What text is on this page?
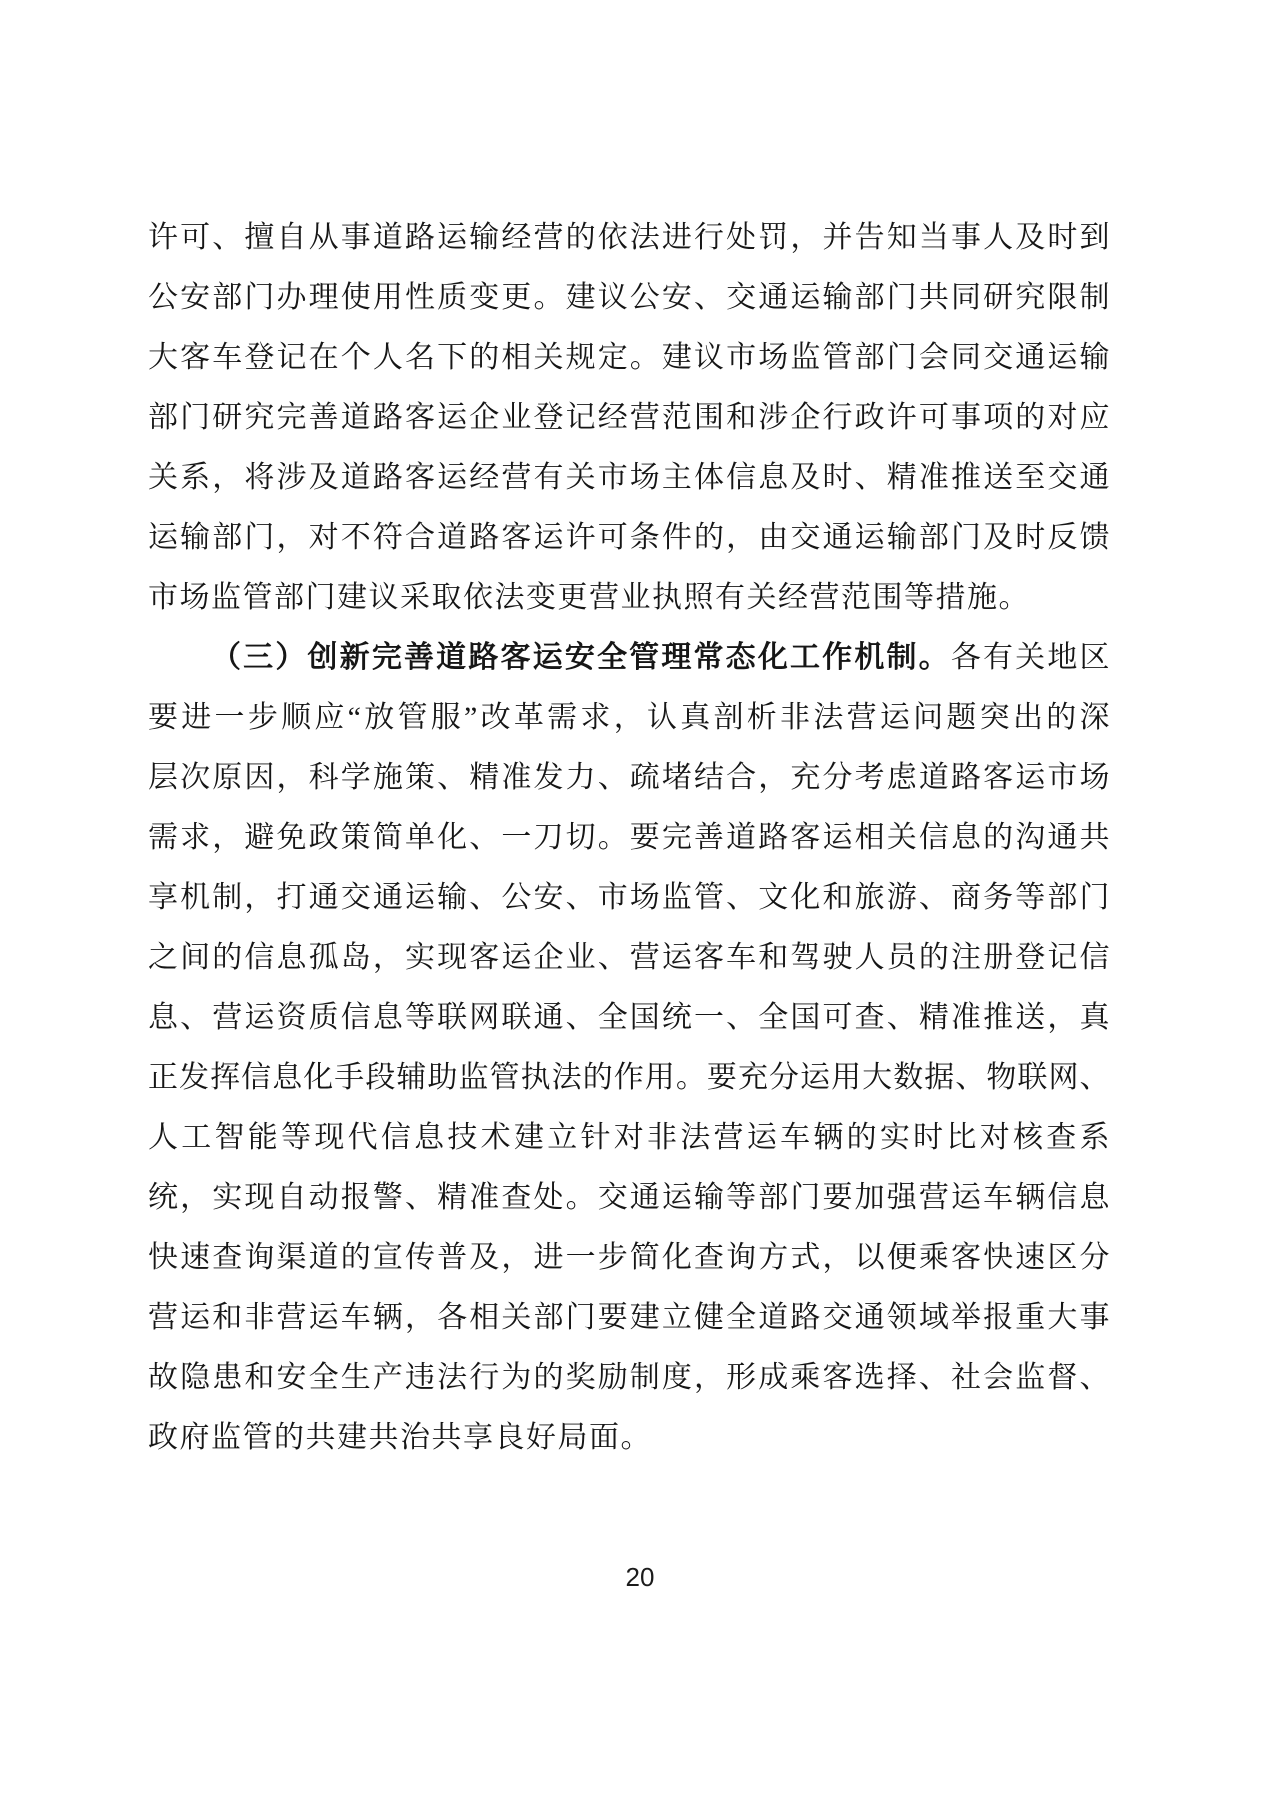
许可、擅自从事道路运输经营的依法进行处罚，并告知当事人及时到
公安部门办理使用性质变更。建议公安、交通运输部门共同研究限制
大客车登记在个人名下的相关规定。建议市场监管部门会同交通运输
部门研究完善道路客运企业登记经营范围和涉企行政许可事项的对应
关系，将涉及道路客运经营有关市场主体信息及时、精准推送至交通
运输部门，对不符合道路客运许可条件的，由交通运输部门及时反馈
市场监管部门建议采取依法变更营业执照有关经营范围等措施。
（三）创新完善道路客运安全管理常态化工作机制。各有关地区
要进一步顺应“放管服”改革需求，认真剖析非法营运问题突出的深
层次原因，科学施策、精准发力、疏堵结合，充分考虑道路客运市场
需求，避免政策简单化、一刀切。要完善道路客运相关信息的沟通共
享机制，打通交通运输、公安、市场监管、文化和旅游、商务等部门
之间的信息孤岛，实现客运企业、营运客车和驾驶人员的注册登记信
息、营运资质信息等联网联通、全国统一、全国可查、精准推送，真
正发挥信息化手段辅助监管执法的作用。要充分运用大数据、物联网、
人工智能等现代信息技术建立针对非法营运车辆的实时比对核查系
统，实现自动报警、精准查处。交通运输等部门要加强营运车辆信息
快速查询渠道的宣传普及，进一步简化查询方式，以便乘客快速区分
营运和非营运车辆，各相关部门要建立健全道路交通领域举报重大事
故隐患和安全生产违法行为的奖励制度，形成乘客选择、社会监督、
政府监管的共建共治共享良好局面。
20
